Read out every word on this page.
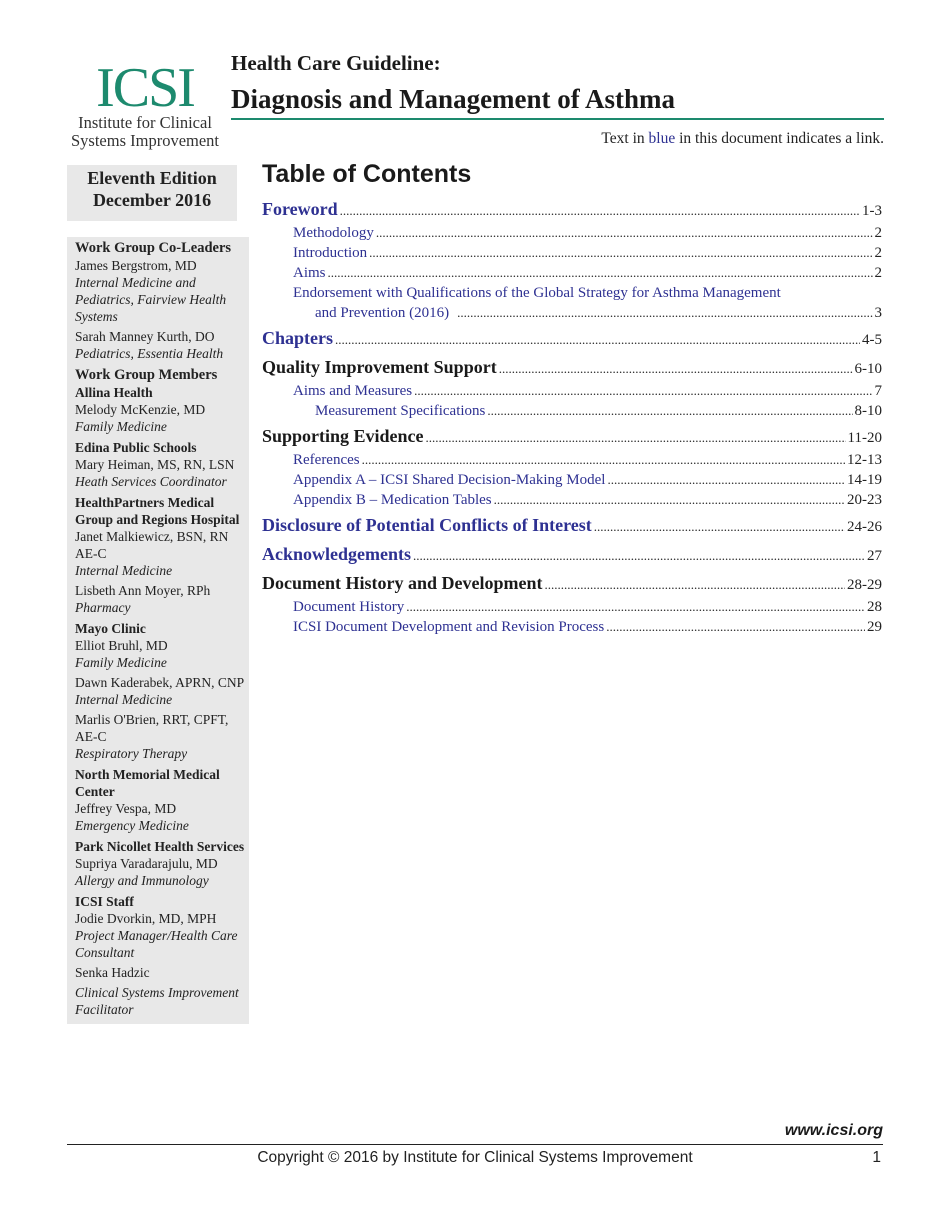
ICSI
Institute for Clinical
Systems Improvement
Health Care Guideline:
Diagnosis and Management of Asthma
Text in blue in this document indicates a link.
Eleventh Edition
December 2016
Work Group Co-Leaders
James Bergstrom, MD
Internal Medicine and Pediatrics, Fairview Health Systems
Sarah Manney Kurth, DO
Pediatrics, Essentia Health
Work Group Members
Allina Health
Melody McKenzie, MD
Family Medicine
Edina Public Schools
Mary Heiman, MS, RN, LSN
Heath Services Coordinator
HealthPartners Medical Group and Regions Hospital
Janet Malkiewicz, BSN, RN AE-C
Internal Medicine
Lisbeth Ann Moyer, RPh
Pharmacy
Mayo Clinic
Elliot Bruhl, MD
Family Medicine
Dawn Kaderabek, APRN, CNP
Internal Medicine
Marlis O'Brien, RRT, CPFT, AE-C
Respiratory Therapy
North Memorial Medical Center
Jeffrey Vespa, MD
Emergency Medicine
Park Nicollet Health Services
Supriya Varadarajulu, MD
Allergy and Immunology
ICSI Staff
Jodie Dvorkin, MD, MPH
Project Manager/Health Care Consultant
Senka Hadzic
Clinical Systems Improvement Facilitator
Table of Contents
Foreword .....	1-3
Methodology .....	2
Introduction .....	2
Aims .....	2
Endorsement with Qualifications of the Global Strategy for Asthma Management
and Prevention (2016) .....	3
Chapters .....	4-5
Quality Improvement Support .....	6-10
Aims and Measures .....	7
Measurement Specifications .....	8-10
Supporting Evidence .....	11-20
References .....	12-13
Appendix A – ICSI Shared Decision-Making Model .....	14-19
Appendix B – Medication Tables .....	20-23
Disclosure of Potential Conflicts of Interest .....	24-26
Acknowledgements .....	27
Document History and Development .....	28-29
Document History .....	28
ICSI Document Development and Revision Process .....	29
www.icsi.org
Copyright © 2016 by Institute for Clinical Systems Improvement	1
